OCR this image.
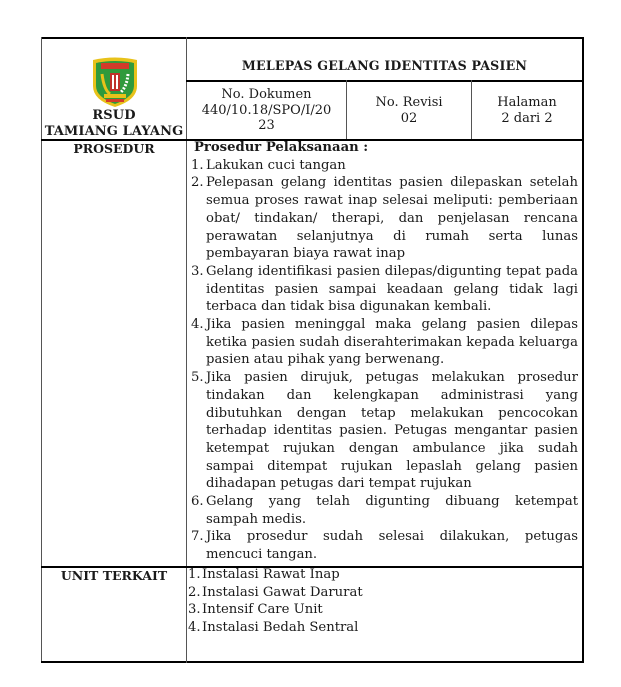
RSUD
TAMIANG LAYANG
MELEPAS GELANG IDENTITAS PASIEN
No. Dokumen
440/10.18/SPO/I/20
23
No. Revisi
02
Halaman
2 dari 2
PROSEDUR	Prosedur Pelaksanaan :
1. Lakukan cuci tangan
2. Pelepasan gelang identitas pasien dilepaskan setelah semua proses rawat inap selesai meliputi: pemberiaan obat/ tindakan/ therapi, dan penjelasan rencana perawatan selanjutnya di rumah serta lunas pembayaran biaya rawat inap
3. Gelang identifikasi pasien dilepas/digunting tepat pada identitas pasien sampai keadaan gelang tidak lagi terbaca dan tidak bisa digunakan kembali.
4. Jika pasien meninggal maka gelang pasien dilepas ketika pasien sudah diserahterimakan kepada keluarga pasien atau pihak yang berwenang.
5. Jika pasien dirujuk, petugas melakukan prosedur tindakan dan kelengkapan administrasi yang dibutuhkan dengan tetap melakukan pencocokan terhadap identitas pasien. Petugas mengantar pasien ketempat rujukan dengan ambulance jika sudah sampai ditempat rujukan lepaslah gelang pasien dihadapan petugas dari tempat rujukan
6. Gelang yang telah digunting dibuang ketempat sampah medis.
7. Jika prosedur sudah selesai dilakukan, petugas mencuci tangan.
UNIT TERKAIT	1. Instalasi Rawat Inap
2. Instalasi Gawat Darurat
3. Intensif Care Unit
4. Instalasi Bedah Sentral
